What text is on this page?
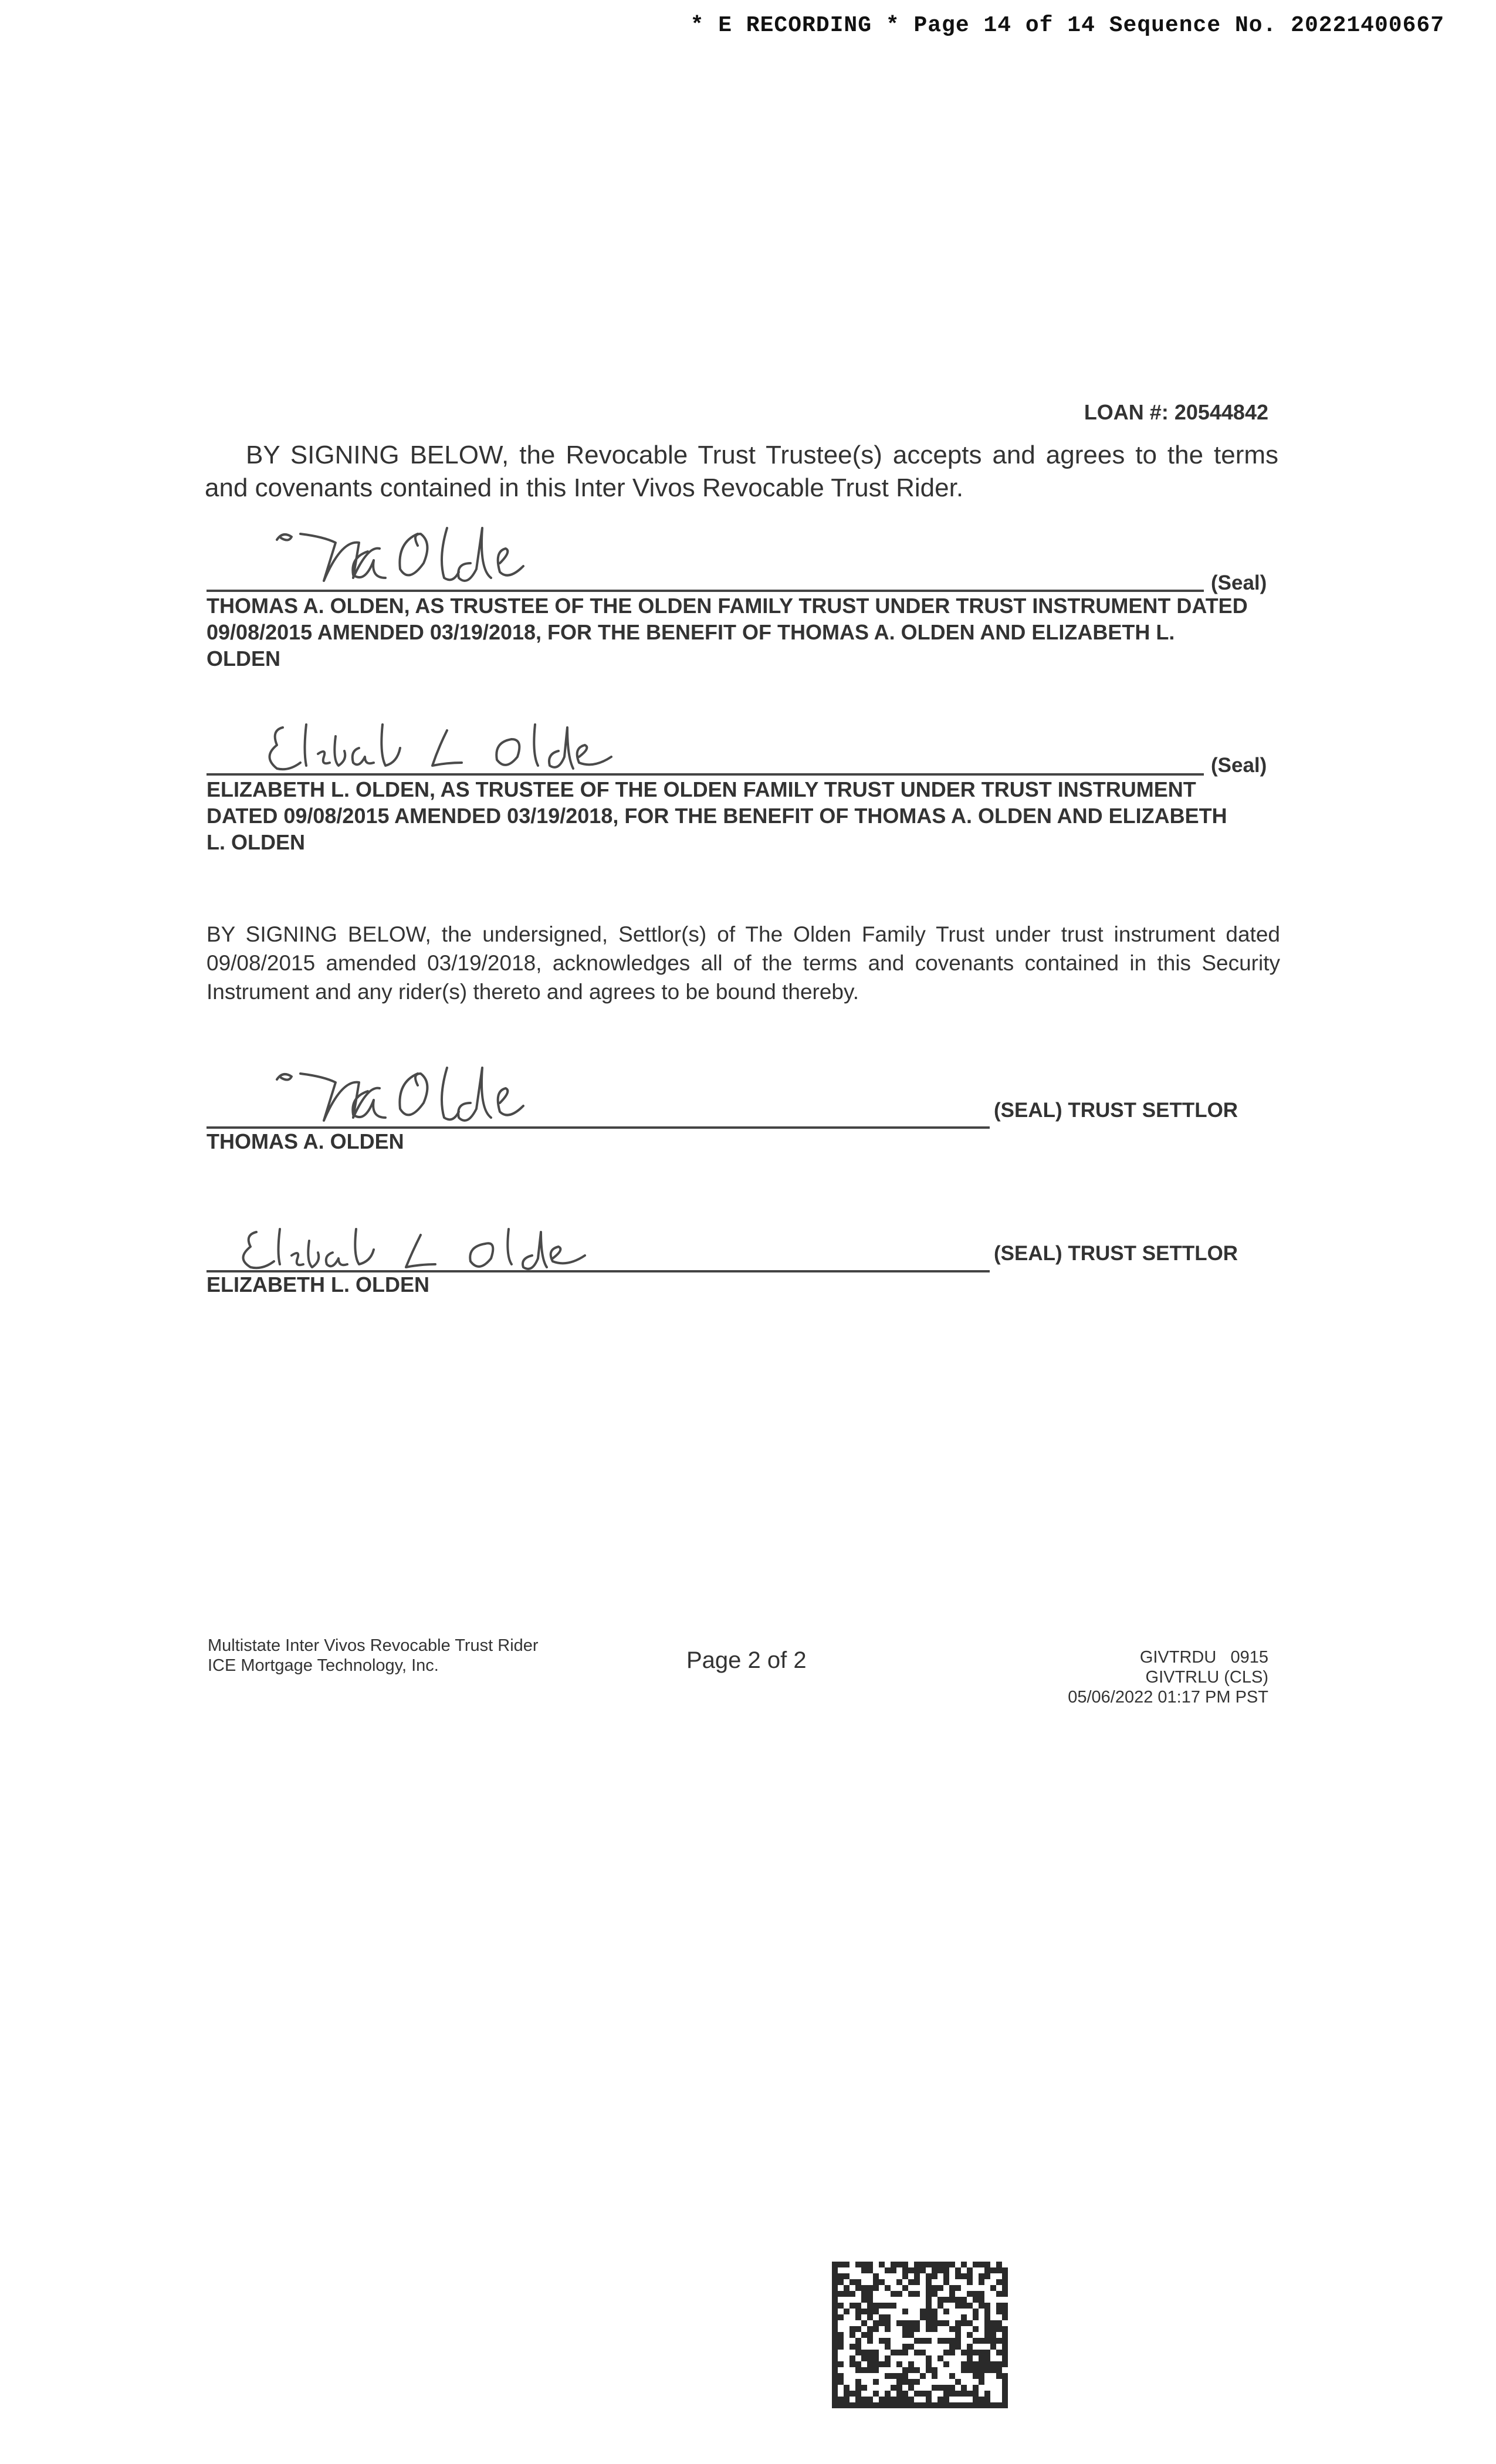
* E RECORDING * Page 14 of 14 Sequence No. 20221400667
LOAN #: 20544842
BY SIGNING BELOW, the Revocable Trust Trustee(s) accepts and agrees to the terms and covenants contained in this Inter Vivos Revocable Trust Rider.
(Seal)
THOMAS A. OLDEN, AS TRUSTEE OF THE OLDEN FAMILY TRUST UNDER TRUST INSTRUMENT DATED 09/08/2015 AMENDED 03/19/2018, FOR THE BENEFIT OF THOMAS A. OLDEN AND ELIZABETH L. OLDEN
(Seal)
ELIZABETH L. OLDEN, AS TRUSTEE OF THE OLDEN FAMILY TRUST UNDER TRUST INSTRUMENT DATED 09/08/2015 AMENDED 03/19/2018, FOR THE BENEFIT OF THOMAS A. OLDEN AND ELIZABETH L. OLDEN
BY SIGNING BELOW, the undersigned, Settlor(s) of The Olden Family Trust under trust instrument dated 09/08/2015 amended 03/19/2018, acknowledges all of the terms and covenants contained in this Security Instrument and any rider(s) thereto and agrees to be bound thereby.
(SEAL) TRUST SETTLOR
THOMAS A. OLDEN
(SEAL) TRUST SETTLOR
ELIZABETH L. OLDEN
Multistate Inter Vivos Revocable Trust Rider
ICE Mortgage Technology, Inc.	Page 2 of 2	GIVTRDU   0915
GIVTRLU (CLS)
05/06/2022 01:17 PM PST
